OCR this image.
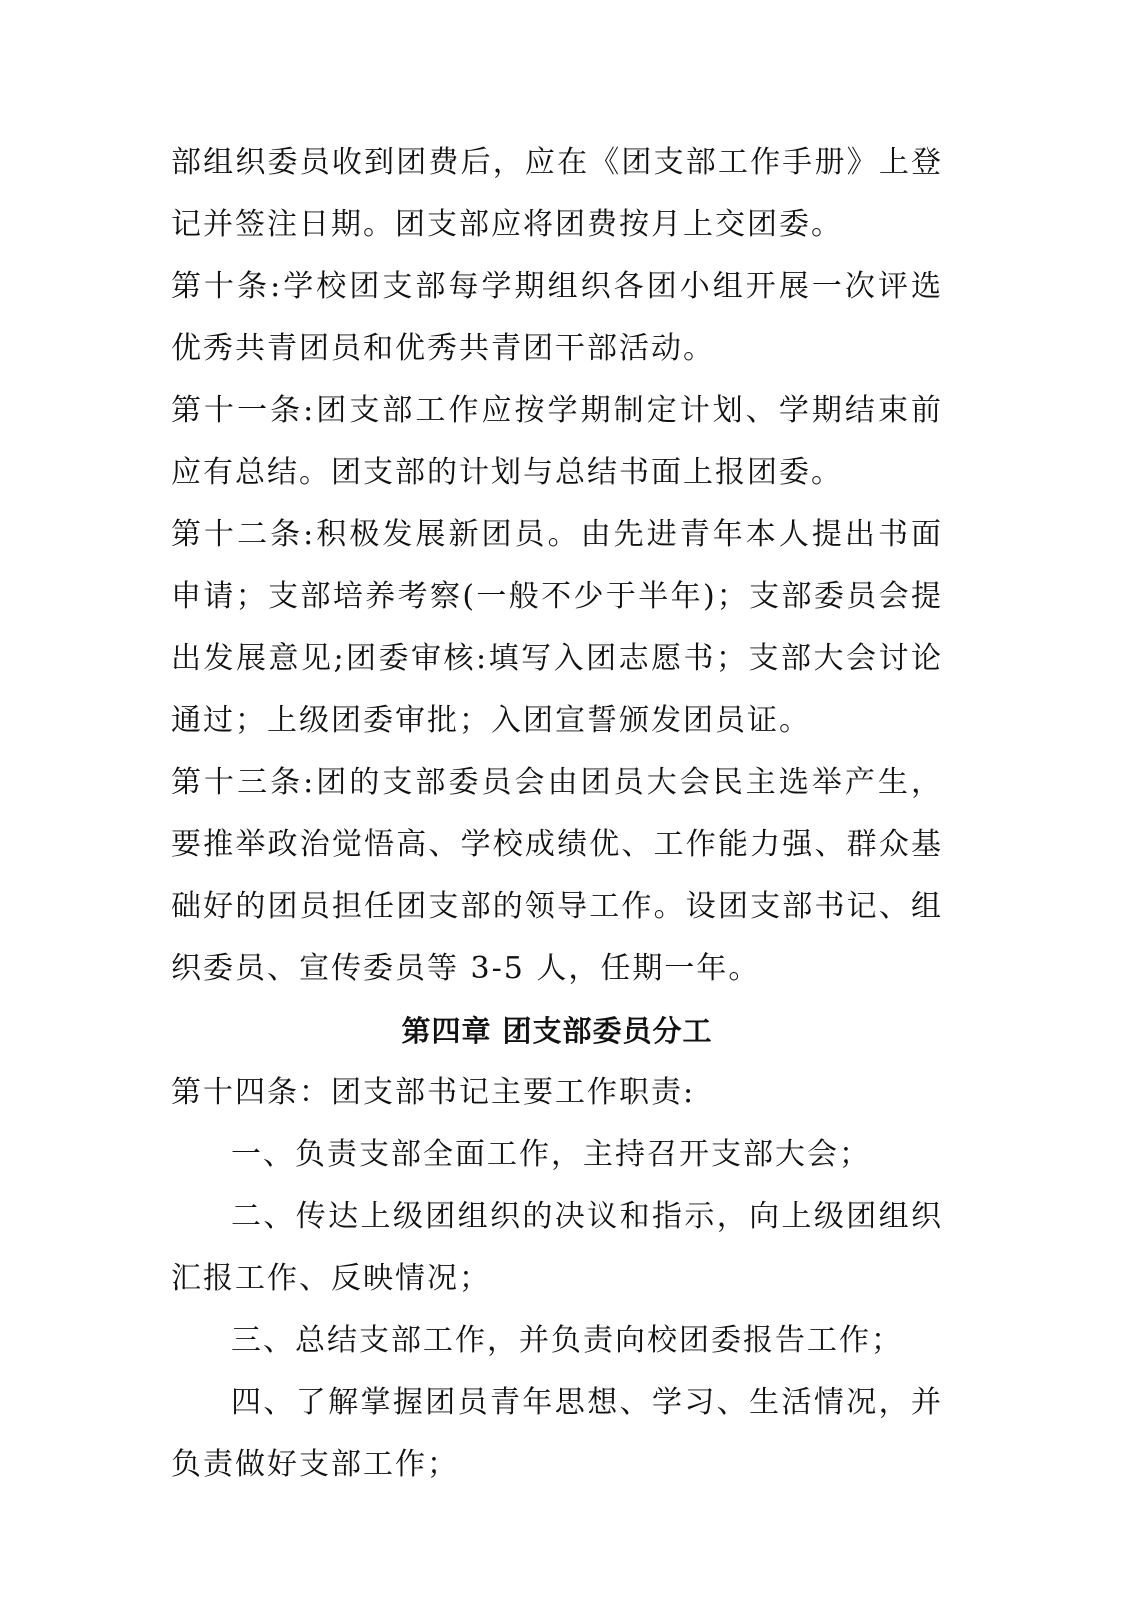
部组织委员收到团费后，应在《团支部工作手册》上登记并签注日期。团支部应将团费按月上交团委。

第十条:学校团支部每学期组织各团小组开展一次评选优秀共青团员和优秀共青团干部活动。

第十一条:团支部工作应按学期制定计划、学期结束前应有总结。团支部的计划与总结书面上报团委。

第十二条:积极发展新团员。由先进青年本人提出书面申请；支部培养考察(一般不少于半年)；支部委员会提出发展意见;团委审核:填写入团志愿书；支部大会讨论通过；上级团委审批；入团宣誓颁发团员证。

第十三条:团的支部委员会由团员大会民主选举产生，要推举政治觉悟高、学校成绩优、工作能力强、群众基础好的团员担任团支部的领导工作。设团支部书记、组织委员、宣传委员等 3-5 人，任期一年。

第四章 团支部委员分工

第十四条：团支部书记主要工作职责:

一、负责支部全面工作，主持召开支部大会；

二、传达上级团组织的决议和指示，向上级团组织汇报工作、反映情况；

三、总结支部工作，并负责向校团委报告工作；

四、了解掌握团员青年思想、学习、生活情况，并负责做好支部工作；
